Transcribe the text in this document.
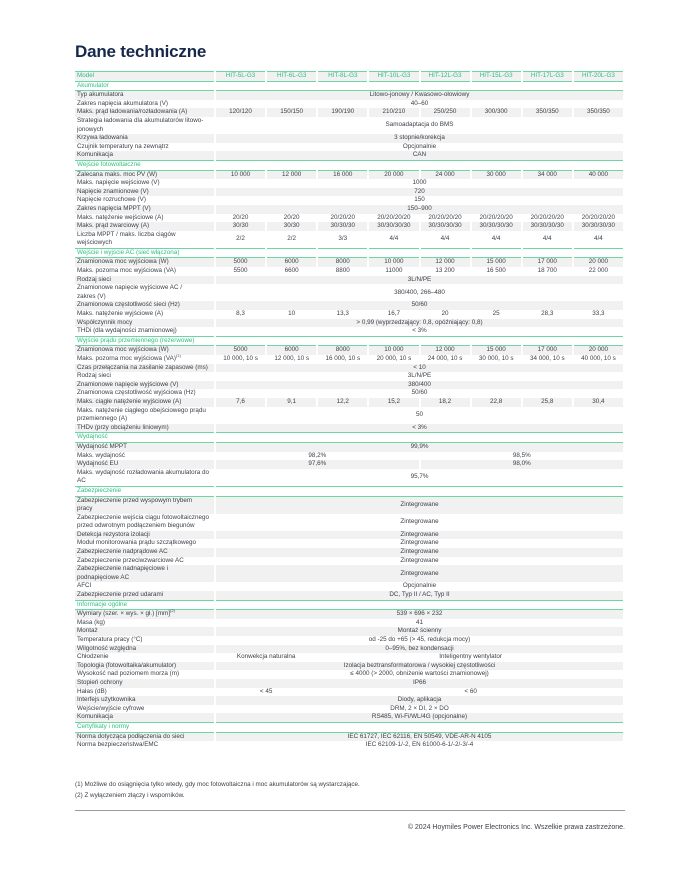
Dane techniczne
Model	HIT-5L-G3	HIT-6L-G3	HIT-8L-G3	HIT-10L-G3	HIT-12L-G3	HIT-15L-G3	HIT-17L-G3	HIT-20L-G3
Akumulator								
Typ akumulatora	Litowo-jonowy / Kwasowo-ołowiowy							
Zakres napięcia akumulatora (V)	40–60							
Maks. prąd ładowania/rozładowania (A)	120/120	150/150	190/190	210/210	250/250	300/300	350/350	350/350
Strategia ładowania dla akumulatorów litowo-
jonowych	Samoadaptacja do BMS							
Krzywa ładowania	3 stopnie/korekcja							
Czujnik temperatury na zewnątrz	Opcjonalnie							
Komunikacja	CAN							
Wejście fotowoltaiczne								
Zalecana maks. moc PV (W)	10 000	12 000	16 000	20 000	24 000	30 000	34 000	40 000
Maks. napięcie wejściowe (V)	1000							
Napięcie znamionowe (V)	720							
Napięcie rozruchowe (V)	150							
Zakres napięcia MPPT (V)	150–900							
Maks. natężenie wejściowe (A)	20/20	20/20	20/20/20	20/20/20/20	20/20/20/20	20/20/20/20	20/20/20/20	20/20/20/20
Maks. prąd zwarciowy (A)	30/30	30/30	30/30/30	30/30/30/30	30/30/30/30	30/30/30/30	30/30/30/30	30/30/30/30
Liczba MPPT / maks. liczba ciągów
wejściowych	2/2	2/2	3/3	4/4	4/4	4/4	4/4	4/4
Wejście i wyjście AC (sieć włączona)								
Znamionowa moc wyjściowa (W)	5000	6000	8000	10 000	12 000	15 000	17 000	20 000
Maks. pozorna moc wyjściowa (VA)	5500	6600	8800	11000	13 200	16 500	18 700	22 000
Rodzaj sieci	3L/N/PE							
Znamionowe napięcie wyjściowe AC /
zakres (V)	380/400, 266–480							
Znamionowa częstotliwość sieci (Hz)	50/60							
Maks. natężenie wyjściowe (A)	8,3	10	13,3	16,7	20	25	28,3	33,3
Współczynnik mocy	> 0,99 (wyprzedzający: 0,8, opóźniający: 0,8)							
THDi (dla wydajności znamionowej)	< 3%							
Wyjście prądu przemiennego (rezerwowe)								
Znamionowa moc wyjściowa (W)	5000	6000	8000	10 000	12 000	15 000	17 000	20 000
Maks. pozorna moc wyjściowa (VA)$^{(1)}$	10 000, 10 s	12 000, 10 s	16 000, 10 s	20 000, 10 s	24 000, 10 s	30 000, 10 s	34 000, 10 s	40 000, 10 s
Czas przełączania na zasilanie zapasowe (ms)	< 10							
Rodzaj sieci	3L/N/PE							
Znamionowe napięcie wyjściowe (V)	380/400							
Znamionowa częstotliwość wyjściowa (Hz)	50/60							
Maks. ciągłe natężenie wyjściowe (A)	7,6	9,1	12,2	15,2	18,2	22,8	25,8	30,4
Maks. natężenie ciągłego obejściowego prądu
przemiennego (A)	50							
THDv (przy obciążeniu liniowym)	< 3%							
Wydajność								
Wydajność MPPT	99,9%							
Maks. wydajność	98,2%				98,5%			
Wydajność EU	97,6%				98,0%			
Maks. wydajność rozładowania akumulatora do
AC	95,7%							
Zabezpieczenie								
Zabezpieczenie przed wyspowym trybem
pracy	Zintegrowane							
Zabezpieczenie wejścia ciągu fotowoltaicznego
przed odwrotnym podłączeniem biegunów	Zintegrowane							
Detekcja rezystora izolacji	Zintegrowane							
Moduł monitorowania prądu szczątkowego	Zintegrowane							
Zabezpieczenie nadprądowe AC	Zintegrowane							
Zabezpieczenie przeciwzwarciowe AC	Zintegrowane							
Zabezpieczenie nadnapięciowe i
podnapięciowe AC	Zintegrowane							
AFCI	Opcjonalnie							
Zabezpieczenie przed udarami	DC, Typ II / AC, Typ II							
Informacje ogólne								
Wymiary (szer. × wys. × gł.) [mm]$^{(2)}$	539 × 696 × 232							
Masa (kg)	41							
Montaż	Montaż ścienny							
Temperatura pracy (°C)	od -25 do +65 (> 45, redukcja mocy)							
Wilgotność względna	0–95%, bez kondensacji							
Chłodzenie	Konwekcja naturalna		Inteligentny wentylator					
Topologia (fotowoltaika/akumulator)	Izolacja beztransformatorowa / wysokiej częstotliwości							
Wysokość nad poziomem morza (m)	≤ 4000 (> 2000, obniżenie wartości znamionowej)							
Stopień ochrony	IP66							
Hałas (dB)	< 45		< 60					
Interfejs użytkownika	Diody, aplikacja							
Wejście/wyjście cyfrowe	DRM, 2 × DI, 2 × DO							
Komunikacja	RS485, Wi-Fi/WL/4G (opcjonalne)							
Certyfikaty i normy								
Norma dotycząca podłączenia do sieci	IEC 61727, IEC 62116, EN 50549, VDE-AR-N 4105							
Norma bezpieczeństwa/EMC	IEC 62109-1/-2, EN 61000-6-1/-2/-3/-4							
(1) Możliwe do osiągnięcia tylko wtedy, gdy moc fotowoltaiczna i moc akumulatorów są wystarczające.
(2) Z wyłączeniem złączy i wsporników.
© 2024 Hoymiles Power Electronics Inc. Wszelkie prawa zastrzeżone.
